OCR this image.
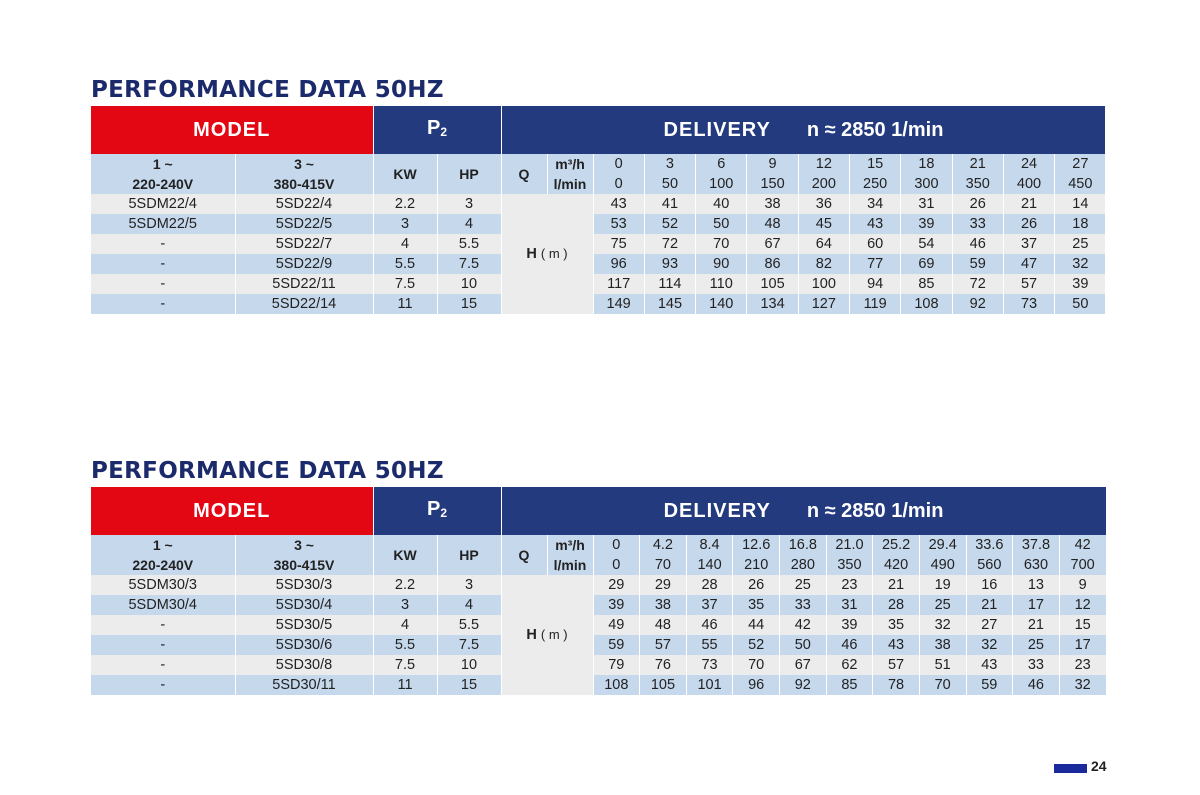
PERFORMANCE DATA 50HZ
MODEL		$P_2$		DELIVERY n ≈ 2850 1/min											
1 ~	3 ~	KW	HP	Q	m³/h	0	3	6	9	12	15	18	21	24	27
220-240V	380-415V				l/min	0	50	100	150	200	250	300	350	400	450
5SDM22/4	5SD22/4	2.2	3	H ( m )		43	41	40	38	36	34	31	26	21	14
5SDM22/5	5SD22/5	3	4			53	52	50	48	45	43	39	33	26	18
-	5SD22/7	4	5.5			75	72	70	67	64	60	54	46	37	25
-	5SD22/9	5.5	7.5			96	93	90	86	82	77	69	59	47	32
-	5SD22/11	7.5	10			117	114	110	105	100	94	85	72	57	39
-	5SD22/14	11	15			149	145	140	134	127	119	108	92	73	50
PERFORMANCE DATA 50HZ
MODEL		$P_2$		DELIVERY n ≈ 2850 1/min												
1 ~	3 ~	KW	HP	Q	m³/h	0	4.2	8.4	12.6	16.8	21.0	25.2	29.4	33.6	37.8	42
220-240V	380-415V				l/min	0	70	140	210	280	350	420	490	560	630	700
5SDM30/3	5SD30/3	2.2	3	H ( m )		29	29	28	26	25	23	21	19	16	13	9
5SDM30/4	5SD30/4	3	4			39	38	37	35	33	31	28	25	21	17	12
-	5SD30/5	4	5.5			49	48	46	44	42	39	35	32	27	21	15
-	5SD30/6	5.5	7.5			59	57	55	52	50	46	43	38	32	25	17
-	5SD30/8	7.5	10			79	76	73	70	67	62	57	51	43	33	23
-	5SD30/11	11	15			108	105	101	96	92	85	78	70	59	46	32
24
